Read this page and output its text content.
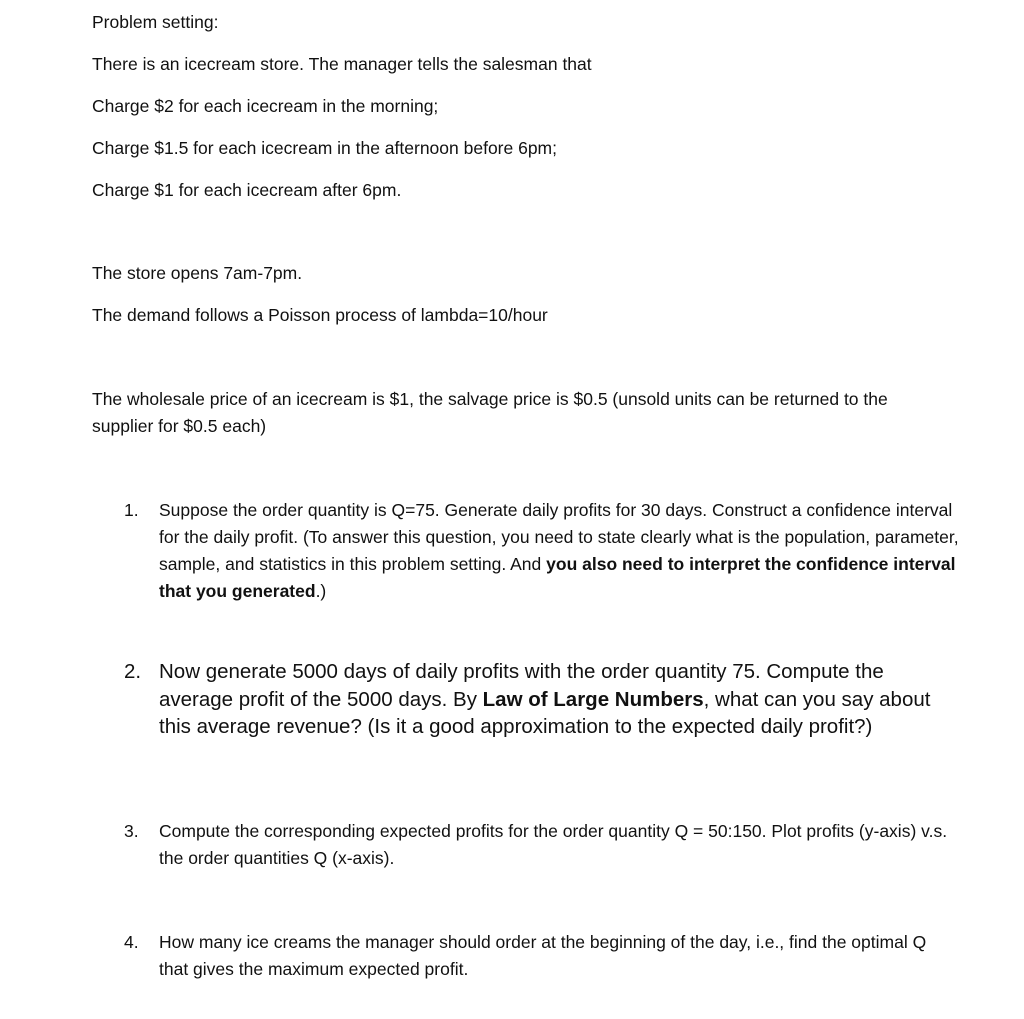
Problem setting:
There is an icecream store. The manager tells the salesman that
Charge $2 for each icecream in the morning;
Charge $1.5 for each icecream in the afternoon before 6pm;
Charge $1 for each icecream after 6pm.
The store opens 7am-7pm.
The demand follows a Poisson process of lambda=10/hour
The wholesale price of an icecream is $1, the salvage price is $0.5 (unsold units can be returned to the supplier for $0.5 each)
1. Suppose the order quantity is Q=75. Generate daily profits for 30 days. Construct a confidence interval for the daily profit. (To answer this question, you need to state clearly what is the population, parameter, sample, and statistics in this problem setting. And you also need to interpret the confidence interval that you generated.)
2. Now generate 5000 days of daily profits with the order quantity 75. Compute the average profit of the 5000 days. By Law of Large Numbers, what can you say about this average revenue? (Is it a good approximation to the expected daily profit?)
3. Compute the corresponding expected profits for the order quantity Q = 50:150. Plot profits (y-axis) v.s. the order quantities Q (x-axis).
4. How many ice creams the manager should order at the beginning of the day, i.e., find the optimal Q that gives the maximum expected profit.
